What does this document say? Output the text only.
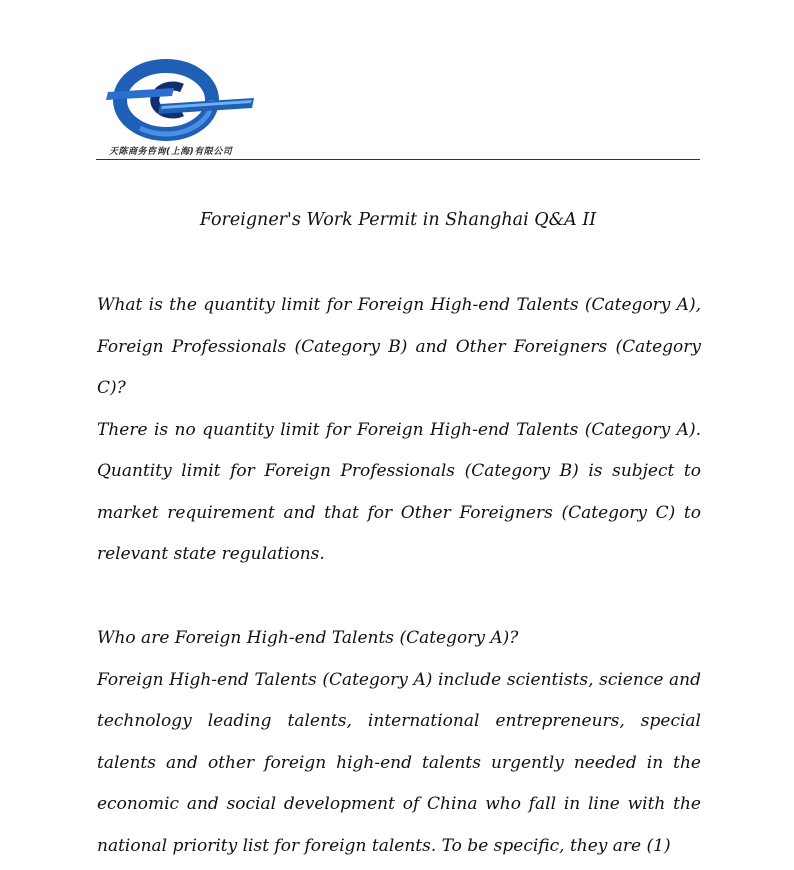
天陈商务咨询(上海)有限公司
Foreigner's Work Permit in Shanghai Q&A II

What is the quantity limit for Foreign High-end Talents (Category A), Foreign Professionals (Category B) and Other Foreigners (Category C)?

There is no quantity limit for Foreign High-end Talents (Category A). Quantity limit for Foreign Professionals (Category B) is subject to market requirement and that for Other Foreigners (Category C) to relevant state regulations.

Who are Foreign High-end Talents (Category A)?

Foreign High-end Talents (Category A) include scientists, science and technology leading talents, international entrepreneurs, special talents and other foreign high-end talents urgently needed in the economic and social development of China who fall in line with the national priority list for foreign talents. To be specific, they are (1)
